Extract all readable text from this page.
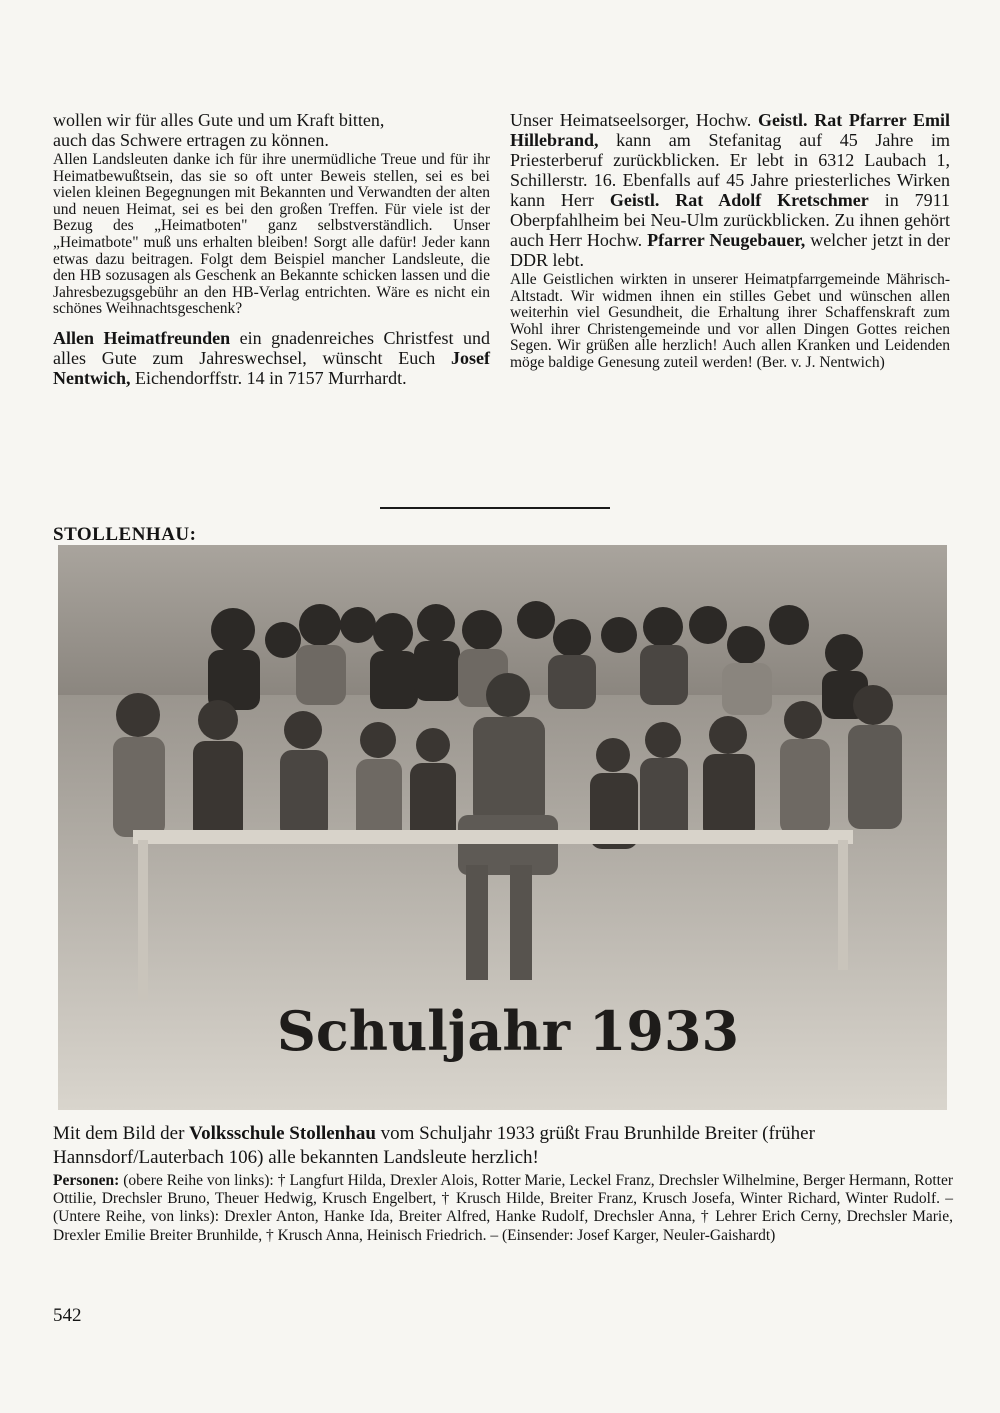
wollen wir für alles Gute und um Kraft bitten,

auch das Schwere ertragen zu können.

Allen Landsleuten danke ich für ihre unermüdliche Treue und für ihr Heimatbewußtsein, das sie so oft unter Beweis stellen, sei es bei vielen kleinen Begegnungen mit Bekannten und Verwandten der alten und neuen Heimat, sei es bei den großen Treffen. Für viele ist der Bezug des „Heimatboten" ganz selbstverständlich. Unser „Heimatbote" muß uns erhalten bleiben! Sorgt alle dafür! Jeder kann etwas dazu beitragen. Folgt dem Beispiel mancher Landsleute, die den HB sozusagen als Geschenk an Bekannte schicken lassen und die Jahresbezugsgebühr an den HB-Verlag entrichten. Wäre es nicht ein schönes Weihnachtsgeschenk?

Allen Heimatfreunden ein gnadenreiches Christfest und alles Gute zum Jahreswechsel, wünscht Euch Josef Nentwich, Eichendorffstr. 14 in 7157 Murrhardt.

Unser Heimatseelsorger, Hochw. Geistl. Rat Pfarrer Emil Hillebrand, kann am Stefanitag auf 45 Jahre im Priesterberuf zurückblicken. Er lebt in 6312 Laubach 1, Schillerstr. 16. Ebenfalls auf 45 Jahre priesterliches Wirken kann Herr Geistl. Rat Adolf Kretschmer in 7911 Oberpfahlheim bei Neu-Ulm zurückblicken. Zu ihnen gehört auch Herr Hochw. Pfarrer Neugebauer, welcher jetzt in der DDR lebt.

Alle Geistlichen wirkten in unserer Heimatpfarrgemeinde Mährisch-Altstadt. Wir widmen ihnen ein stilles Gebet und wünschen allen weiterhin viel Gesundheit, die Erhaltung ihrer Schaffenskraft zum Wohl ihrer Christengemeinde und vor allen Dingen Gottes reichen Segen. Wir grüßen alle herzlich! Auch allen Kranken und Leidenden möge baldige Genesung zuteil werden! (Ber. v. J. Nentwich)

STOLLENHAU:

Schuljahr 1933

Mit dem Bild der Volksschule Stollenhau vom Schuljahr 1933 grüßt Frau Brunhilde Breiter (früher Hannsdorf/Lauterbach 106) alle bekannten Landsleute herzlich!

Personen: (obere Reihe von links): † Langfurt Hilda, Drexler Alois, Rotter Marie, Leckel Franz, Drechsler Wilhelmine, Berger Hermann, Rotter Ottilie, Drechsler Bruno, Theuer Hedwig, Krusch Engelbert, † Krusch Hilde, Breiter Franz, Krusch Josefa, Winter Richard, Winter Rudolf. – (Untere Reihe, von links): Drexler Anton, Hanke Ida, Breiter Alfred, Hanke Rudolf, Drechsler Anna, † Lehrer Erich Cerny, Drechsler Marie, Drexler Emilie Breiter Brunhilde, † Krusch Anna, Heinisch Friedrich. – (Einsender: Josef Karger, Neuler-Gaishardt)

542
